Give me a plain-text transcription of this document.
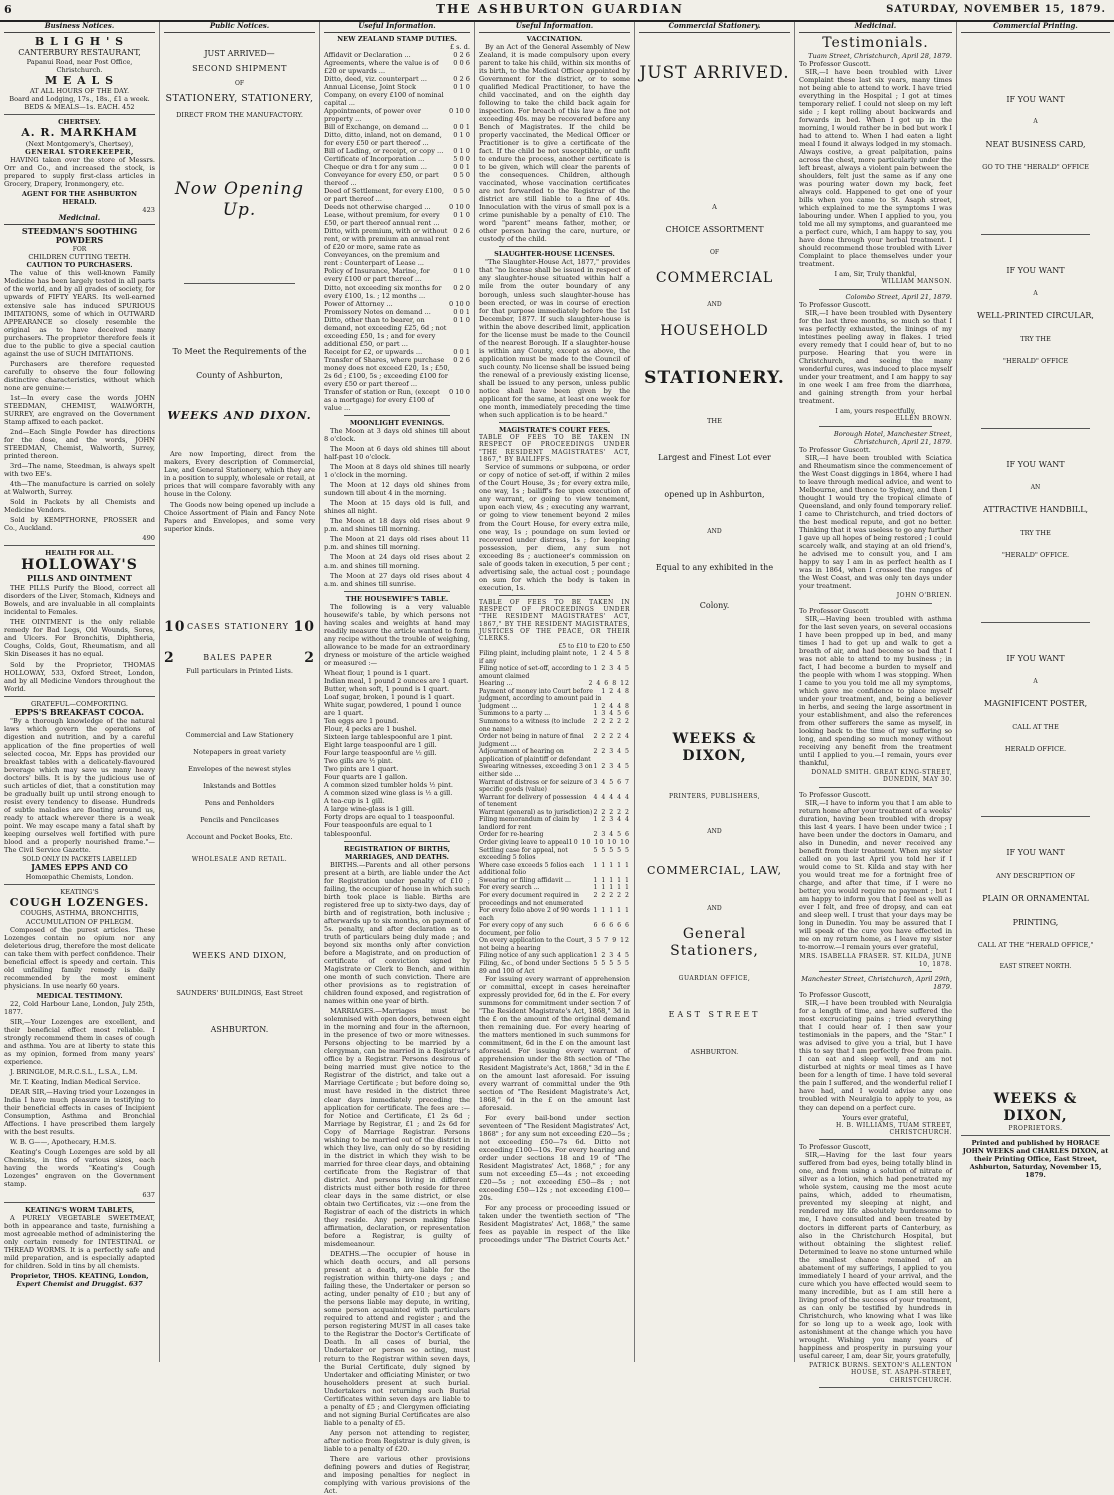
6	THE ASHBURTON GUARDIAN	SATURDAY, NOVEMBER 15, 1879.
Business Notices.
B L I G H ' S
CANTERBURY RESTAURANT,
Papanui Road, near Post Office,
Christchurch.
M E A L S
AT ALL HOURS OF THE DAY.
Board and Lodging, 17s., 18s., £1 a week.
BEDS & MEALS—1s. EACH. 452
CHERTSEY.
A. R. MARKHAM
(Next Montgomery's, Chertsey),
GENERAL STOREKEEPER,

HAVING taken over the store of Messrs. Orr and Co., and increased the stock, is prepared to supply first-class articles in Grocery, Drapery, Ironmongery, etc.

AGENT FOR THE ASHBURTON HERALD.
423
Medicinal.
STEEDMAN'S SOOTHING POWDERS
FOR
CHILDREN CUTTING TEETH.
CAUTION TO PURCHASERS.

The value of this well-known Family Medicine has been largely tested in all parts of the world, and by all grades of society, for upwards of FIFTY YEARS. Its well-earned extensive sale has induced SPURIOUS IMITATIONS, some of which in OUTWARD APPEARANCE so closely resemble the original as to have deceived many purchasers. The proprietor therefore feels it due to the public to give a special caution against the use of SUCH IMITATIONS.

Purchasers are therefore requested carefully to observe the four following distinctive characteristics, without which none are genuine:—

1st—In every case the words JOHN STEEDMAN, CHEMIST, WALWORTH, SURREY, are engraved on the Government Stamp affixed to each packet.

2nd—Each Single Powder has directions for the dose, and the words, JOHN STEEDMAN, Chemist, Walworth, Surrey, printed thereon.

3rd—The name, Steedman, is always spelt with two EE's.

4th—The manufacture is carried on solely at Walworth, Surrey.

Sold in Packets by all Chemists and Medicine Vendors.

Sold by KEMPTHORNE, PROSSER and Co., Auckland.

490
HEALTH FOR ALL.
HOLLOWAY'S
PILLS AND OINTMENT

THE PILLS Purify the Blood, correct all disorders of the Liver, Stomach, Kidneys and Bowels, and are invaluable in all complaints incidental to Females.

THE OINTMENT is the only reliable remedy for Bad Legs, Old Wounds, Sores, and Ulcers. For Bronchitis, Diphtheria, Coughs, Colds, Gout, Rheumatism, and all Skin Diseases it has no equal.

Sold by the Proprietor, THOMAS HOLLOWAY, 533, Oxford Street, London, and by all Medicine Vendors throughout the World.

GRATEFUL—COMFORTING.
EPPS'S BREAKFAST COCOA.

"By a thorough knowledge of the natural laws which govern the operations of digestion and nutrition, and by a careful application of the fine properties of well selected cocoa, Mr. Epps has provided our breakfast tables with a delicately-flavoured beverage which may save us many heavy doctors' bills. It is by the judicious use of such articles of diet, that a constitution may be gradually built up until strong enough to resist every tendency to disease. Hundreds of subtle maladies are floating around us, ready to attack wherever there is a weak point. We may escape many a fatal shaft by keeping ourselves well fortified with pure blood and a properly nourished frame."—The Civil Service Gazette.

SOLD ONLY IN PACKETS LABELLED
JAMES EPPS AND CO
Homœpathic Chemists, London.
KEATING'S
COUGH LOZENGES.
COUGHS, ASTHMA, BRONCHITIS, ACCUMULATION OF PHLEGM.

Composed of the purest articles. These Lozenges contain no opium nor any deleterious drug, therefore the most delicate can take them with perfect confidence. Their beneficial effect is speedy and certain. This old unfailing family remedy is daily recommended by the most eminent physicians. In use nearly 60 years.

MEDICAL TESTIMONY.

22, Cold Harbour Lane, London, July 25th, 1877.

SIR,—Your Lozenges are excellent, and their beneficial effect most reliable. I strongly recommend them in cases of cough and asthma. You are at liberty to state this as my opinion, formed from many years' experience.

J. BRINGLOE, M.R.C.S.L., L.S.A., L.M.

Mr. T. Keating, Indian Medical Service.

DEAR SIR,—Having tried your Lozenges in India I have much pleasure in testifying to their beneficial effects in cases of Incipient Consumption, Asthma and Bronchial Affections. I have prescribed them largely with the best results.

W. B. G——, Apothecary, H.M.S.

Keating's Cough Lozenges are sold by all Chemists, in tins of various sizes, each having the words "Keating's Cough Lozenges" engraven on the Government stamp.

637
KEATING'S WORM TABLETS,

A PURELY VEGETABLE SWEETMEAT, both in appearance and taste, furnishing a most agreeable method of administering the only certain remedy for INTESTINAL or THREAD WORMS. It is a perfectly safe and mild preparation, and is especially adapted for children. Sold in tins by all chemists.

Proprietor, THOS. KEATING, London,
Expert Chemist and Druggist. 637
Public Notices.
JUST ARRIVED—
SECOND SHIPMENT
OF
STATIONERY, STATIONERY,
DIRECT FROM THE MANUFACTORY.
Now Opening Up.
To Meet the Requirements of the
County of Ashburton,
WEEKS AND DIXON.

Are now Importing, direct from the makers, Every description of Commercial, Law, and General Stationery, which they are in a position to supply, wholesale or retail, at prices that will compare favorably with any house in the Colony.

The Goods now being opened up include a Choice Assortment of Plain and Fancy Note Papers and Envelopes, and some very superior kinds.

10 CASES STATIONERY 10
2	BALES PAPER 2
Full particulars in Printed Lists.
Commercial and Law Stationery
Notepapers in great variety
Envelopes of the newest styles
Inkstands and Bottles
Pens and Penholders
Pencils and Pencilcases
Account and Pocket Books, Etc.
WHOLESALE AND RETAIL.
WEEKS AND DIXON,
SAUNDERS' BUILDINGS, East Street
ASHBURTON.
Useful Information.
NEW ZEALAND STAMP DUTIES.
£ s. d.
Affidavit or Declaration ...	0 2 6
Agreements, where the value is of £20 or upwards ...
0 0 6
Ditto, deed, viz. counterpart ...	0 2 6
Annual License, Joint Stock Company, on every £100 of nominal capital ...
0 1 0
Appointments, of power over property ...
0 10 0
Bill of Exchange, on demand ...	0 0 1
Ditto, ditto, inland, not on demand, for every £50 or part thereof ...
0 1 0
Bill of Lading, or receipt, or copy ...	0 1 0
Certificate of Incorporation ...	5 0 0
Cheque or dra t for any sum ...	0 0 1
Conveyance for every £50, or part thereof ...
0 5 0
Deed of Settlement, for every £100, or part thereof ...
0 5 0
Deeds not otherwise charged ...	0 10 0
Lease, without premium, for every £50, or part thereof annual rent ...
0 1 0
Ditto, with premium, with or without rent, or with premium an annual rent of £20 or more, same rate as Conveyances, on the premium and rent : Counterpart of Lease ...
0 2 6
Policy of Insurance, Marine, for every £100 or part thereof ...
0 1 0
Ditto, not exceeding six months for every £100, 1s. ; 12 months ...
0 2 0
Power of Attorney ...	0 10 0
Promissory Notes on demand ...	0 0 1
Ditto, other than to bearer, on demand, not exceeding £25, 6d ; not exceeding £50, 1s ; and for every additional £50, or part ...
0 1 0
Receipt for £2, or upwards ...	0 0 1
Transfer of Shares, where purchase money does not exceed £20, 1s ; £50, 2s 6d ; £100, 5s ; exceeding £100 for every £50 or part thereof ...
0 2 6
Transfer of station or Run, (except as a mortgage) for every £100 of value ...
0 10 0
MOONLIGHT EVENINGS.

The Moon at 3 days old shines till about 8 o'clock.

The Moon at 6 days old shines till about half-past 10 o'clock.

The Moon at 8 days old shines till nearly 1 o'clock in the morning.

The Moon at 12 days old shines from sundown till about 4 in the morning.

The Moon at 15 days old is full, and shines all night.

The Moon at 18 days old rises about 9 p.m. and shines till morning.

The Moon at 21 days old rises about 11 p.m. and shines till morning.

The Moon at 24 days old rises about 2 a.m. and shines till morning.

The Moon at 27 days old rises about 4 a.m. and shines till sunrise.

THE HOUSEWIFE'S TABLE.

The following is a very valuable housewife's table, by which persons not having scales and weights at hand may readily measure the article wanted to form any recipe without the trouble of weighing, allowance to be made for an extraordinary dryness or moisture of the article weighed or measured :—

Wheat flour, 1 pound is 1 quart.
Indian meal, 1 pound 2 ounces are 1 quart.
Butter, when soft, 1 pound is 1 quart.
Loaf sugar, broken, 1 pound is 1 quart.
White sugar, powdered, 1 pound 1 ounce are 1 quart.
Ten eggs are 1 pound.
Flour, 4 pecks are 1 bushel.
Sixteen large tablespoonful are 1 pint.
Eight large teaspoonful are 1 gill.
Four large teaspoonful are ½ gill.
Two gills are ½ pint.
Two pints are 1 quart.
Four quarts are 1 gallon.
A common sized tumbler holds ½ pint.
A common sized wine glass is ½ a gill.
A tea-cup is 1 gill.
A large wine-glass is 1 gill.
Forty drops are equal to 1 teaspoonful.
Four teaspoonfuls are equal to 1 tablespoonful.
REGISTRATION OF BIRTHS, MARRIAGES, AND DEATHS.

BIRTHS.—Parents and all other persons present at a birth, are liable under the Act for Registration under penalty of £10 ; failing, the occupier of house in which such birth took place is liable. Births are registered free up to sixty-two days, day of birth and of registration, both inclusive ; afterwards up to six months, on payment of 5s. penalty, and after declaration as to truth of particulars being duly made ; and beyond six months only after conviction before a Magistrate, and on production of certificate of conviction signed by Magistrate or Clerk to Bench, and within one month of such conviction. There are other provisions as to registration of children found exposed, and registration of names within one year of birth.

MARRIAGES.—Marriages must be solemnised with open doors, between eight in the morning and four in the afternoon, in the presence of two or more witnesses. Persons objecting to be married by a clergyman, can be married in a Registrar's office by a Registrar. Persons desirous of being married must give notice to the Registrar of the district, and take out a Marriage Certificate ; but before doing so, must have resided in the district three clear days immediately preceding the application for certificate. The fees are :—for Notice and Certificate, £1 2s 6d ; Marriage by Registrar, £1 ; and 2s 6d for Copy of Marriage Registrar. Persons wishing to be married out of the district in which they live, can only do so by residing in the district in which they wish to be married for three clear days, and obtaining certificate from the Registrar of that district. And persons living in different districts must either both reside for three clear days in the same district, or else obtain two Certificates, viz :—one from the Registrar of each of the districts in which they reside. Any person making false affirmation, declaration, or representation before a Registrar, is guilty of misdemeanour.

DEATHS.—The occupier of house in which death occurs, and all persons present at a death, are liable for the registration within thirty-one days ; and failing these, the Undertaker or person so acting, under penalty of £10 ; but any of the persons liable may depute, in writing, some person acquainted with particulars required to attend and register ; and the person registering MUST in all cases take to the Registrar the Doctor's Certificate of Death. In all cases of burial, the Undertaker or person so acting, must return to the Registrar within seven days, the Burial Certificate, duly signed by Undertaker and officiating Minister, or two householders present at such burial. Undertakers not returning such Burial Certificates within seven days are liable to a penalty of £5 ; and Clergymen officiating and not signing Burial Certificates are also liable to a penalty of £5.

Any person not attending to register, after notice from Registrar is duly given, is liable to a penalty of £20.

There are various other provisions defining powers and duties of Registrar, and imposing penalties for neglect in complying with various provisions of the Act.

Useful Information.
VACCINATION.

By an Act of the General Assembly of New Zealand, it is made compulsory upon every parent to take his child, within six months of its birth, to the Medical Officer appointed by Government for the district, or to some qualified Medical Practitioner, to have the child vaccinated, and on the eighth day following to take the child back again for inspection. For breach of this law a fine not exceeding 40s. may be recovered before any Bench of Magistrates. If the child be properly vaccinated, the Medical Officer or Practitioner is to give a certificate of the fact. If the child be not susceptible, or unfit to endure the process, another certificate is to be given, which will clear the parents of the consequences. Children, although vaccinated, whose vaccination certificates are not forwarded to the Registrar of the district are still liable to a fine of 40s. Innoculation with the virus of small pox is a crime punishable by a penalty of £10. The word "parent" means father, mother, or other person having the care, nurture, or custody of the child.

SLAUGHTER-HOUSE LICENSES.

"The Slaughter-House Act, 1877," provides that "no license shall be issued in respect of any slaughter-house situated within half a mile from the outer boundary of any borough, unless such slaughter-house has been erected, or was in course of erection for that purpose immediately before the 1st December, 1877. If such slaughter-house is within the above described limit, application for the license must be made to the Council of the nearest Borough. If a slaughter-house is within any County, except as above, the application must be made to the Council of such county. No license shall be issued being the renewal of a previously existing license, shall be issued to any person, unless public notice shall have been given by the applicant for the same, at least one week for one month, immediately preceding the time when such application is to be heard."

MAGISTRATE'S COURT FEES.
TABLE OF FEES TO BE TAKEN IN RESPECT OF PROCEEDINGS UNDER "THE RESIDENT MAGISTRATES' ACT, 1867," BY BAILIFFS.

Service of summons or subpœna, or order or copy of notice of set-off, if within 2 miles of the Court House, 3s ; for every extra mile, one way, 1s ; bailiff's fee upon execution of any warrant, or going to view tenement, upon each view, 4s ; executing any warrant, or going to view tenement beyond 2 miles from the Court House, for every extra mile, one way, 1s ; poundage on sum levied or recovered under distress, 1s ; for keeping possession, per diem, any sum not exceeding 8s ; auctioneer's commission on sale of goods taken in execution, 5 per cent ; advertising sale, the actual cost ; poundage on sum for which the body is taken in execution, 1s.

TABLE OF FEES TO BE TAKEN IN RESPECT OF PROCEEDINGS UNDER "THE RESIDENT MAGISTRATES' ACT, 1867," BY THE RESIDENT MAGISTRATES, JUSTICES OF THE PEACE, OR THEIR CLERKS.
£5 to £10 to £20 to £50
Filing plaint, including plaint note, if any
1 2 4 5 8
Filing notice of set-off, according to amount claimed
1 2 3 4 5
Hearing ...	2 4 6 8 12
Payment of money into Court before judgment, according to amount paid in
1 2 4 8
Judgment ...	1 2 4 4 8
Summons to a party ...	1 3 4 5 6
Summons to a witness (to include one name)
2 2 2 2 2
Order not being in nature of final judgment ...
2 2 2 2 4
Adjournment of hearing on application of plaintiff or defendant
2 2 3 4 5
Swearing witnesses, exceeding 3 on either side ...
1 2 3 4 5
Warrant of distress or for seizure of specific goods (value)
3 4 5 6 7
Warrant for delivery of possession of tenement
4 4 4 4 4
Warrant (general) as to jurisdiction) 2 2 2 2 2
Filing memorandum of claim by landlord for rent
1 2 3 4 4
Order for re-hearing	2 3 4 5 6
Order giving leave to appeal 10 10 10 10 10
Settling case for appeal, not exceeding 5 folios
5 5 5 5 5
Where case exceeds 5 folios each additional folio
1 1 1 1 1
Swearing or filing affidavit ...	1 1 1 1 1
For every search ...	1 1 1 1 1
For every document required in proceedings and not enumerated
2 2 2 2 2
For every folio above 2 of 90 words each
1 1 1 1 1
For every copy of any such document, per folio
6 6 6 6 6
On every application to the Court, not being a hearing
3 5 7 9 12
Filing notice of any such application 1 2 3 4 5
Filing, &c., of bond under Sections 89 and 100 of Act
5 5 5 5 5

For issuing every warrant of apprehension or committal, except in cases hereinafter expressly provided for, 6d in the £. For every summons for commitment under section 7 of "The Resident Magistrate's Act, 1868," 3d in the £ on the amount of the original demand then remaining due. For every hearing of the matters mentioned in such summons for commitment, 6d in the £ on the amount last aforesaid. For issuing every warrant of apprehension under the 8th section of "The Resident Magistrate's Act, 1868," 3d in the £ on the amount last aforesaid. For issuing every warrant of committal under the 9th section of "The Resident Magistrate's Act, 1868," 6d in the £ on the amount last aforesaid.

For every bail-bond under section seventeen of "The Resident Magistrates' Act, 1868" ; for any sum not exceeding £20—5s ; not exceeding £50—7s 6d. Ditto not exceeding £100—10s. For every hearing and order under sections 18 and 19 of "The Resident Magistrates' Act, 1868," ; for any sum not exceeding £5—4s ; not exceeding £20—5s ; not exceeding £50—8s ; not exceeding £50—12s ; not exceeding £100—20s.

For any process or proceeding issued or taken under the twentieth section of "The Resident Magistrates' Act, 1868," the same fees as payable in respect of the like proceedings under "The District Courts Act."

Commercial Stationery.
JUST ARRIVED.
A
CHOICE ASSORTMENT
OF
COMMERCIAL
AND
HOUSEHOLD
STATIONERY.
THE
Largest and Finest Lot ever
opened up in Ashburton,
AND
Equal to any exhibited in the
Colony.
WEEKS & DIXON,
PRINTERS, PUBLISHERS,
AND
COMMERCIAL, LAW,
AND
General Stationers,
GUARDIAN OFFICE,
EAST STREET
ASHBURTON.
Medicinal.
Testimonials.
Tuam Street, Christchurch, April 28, 1879.
To Professor Guscott.

SIR,—I have been troubled with Liver Complaint these last six years, many times not being able to attend to work. I have tried everything in the Hospital ; I got at times temporary relief. I could not sleep on my left side ; I kept rolling about backwards and forwards in bed. When I got up in the morning, I would rather be in bed but work I had to attend to. When I had eaten a light meal I found it always lodged in my stomach. Always costive, a great palpitation, pains across the chest, more particularly under the left breast, always a violent pain between the shoulders, felt just the same as if any one was pouring water down my back, feet always cold. Happened to get one of your bills when you came to St. Asaph street, which explained to me the symptoms I was labouring under. When I applied to you, you told me all my symptoms, and guaranteed me a perfect cure, which, I am happy to say, you have done through your herbal treatment. I should recommend those troubled with Liver Complaint to place themselves under your treatment.

I am, Sir, Truly thankful,
WILLIAM MANSON.
Colombo Street, April 21, 1879.
To Professor Guscott.

SIR,—I have been troubled with Dysentery for the last three months, so much so that I was perfectly exhausted, the linings of my intestines peeling away in flakes. I tried every remedy that I could hear of, but to no purpose. Hearing that you were in Christchurch, and seeing the many wonderful cures, was induced to place myself under your treatment, and I am happy to say in one week I am free from the diarrhœa, and gaining strength from your herbal treatment.

I am, yours respectfully,
ELLEN BROWN.
Borough Hotel, Manchester Street, Christchurch, April 21, 1879.
To Professor Guscott.

SIR,—I have been troubled with Sciatica and Rheumatism since the commencement of the West Coast diggings in 1864, where I had to leave through medical advice, and went to Melbourne, and thence to Sydney, and then I thought I would try the tropical climate of Queensland, and only found temporary relief. I came to Christchurch, and tried doctors of the best medical repute, and got no better. Thinking that it was useless to go any further I gave up all hopes of being restored ; I could scarcely walk, and staying at an old friend's, he advised me to consult you, and I am happy to say I am in as perfect health as I was in 1864, when I crossed the ranges of the West Coast, and was only ten days under your treatment.

JOHN O'BRIEN.
To Professor Guscott

SIR,—Having been troubled with asthma for the last seven years, on several occasions I have been propped up in bed, and many times I had to get up and walk to get a breath of air, and had become so bad that I was not able to attend to my business ; in fact, I had become a burden to myself and the people with whom I was stopping. When I came to you you told me all my symptoms, which gave me confidence to place myself under your treatment, and, being a believer in herbs, and seeing the large assortment in your establishment, and also the references from other sufferers the same as myself, in looking back to the time of my suffering so long, and spending so much money without receiving any benefit from the treatment until I applied to you.—I remain, yours ever thankful,

DONALD SMITH. GREAT KING-STREET, DUNEDIN, MAY 30.
To Professor Guscott.

SIR,—I have to inform you that I am able to return home after your treatment of a weeks' duration, having been troubled with dropsy this last 4 years. I have been under twice ; I have been under the doctors in Oamaru, and also in Dunedin, and never received any benefit from their treatment. When my sister called on you last April you told her if I would come to St. Kilda and stay with her you would treat me for a fortnight free of charge, and after that time, if I were no better, you would require no payment ; but I am happy to inform you that I feel as well as ever I felt, and free of dropsy, and can eat and sleep well. I trust that your days may be long in Dunedin. You may be assured that I will speak of the cure you have effected in me on my return home, as I leave my sister to-morrow.—I remain yours ever grateful,

MRS. ISABELLA FRASER. ST. KILDA, JUNE 10, 1878.
Manchester Street, Christchurch, April 29th, 1879.
To Professor Guscott,

SIR,—I have been troubled with Neuralgia for a length of time, and have suffered the most excruciating pains ; tried everything that I could hear of. I then saw your testimonials in the papers, and the "Star." I was advised to give you a trial, but I have this to say that I am perfectly free from pain. I can eat and sleep well, and am not disturbed at nights or meal times as I have been for a length of time. I have told several the pain I suffered, and the wonderful relief I have had, and I would advise any one troubled with Neuralgia to apply to you, as they can depend on a perfect cure.

Yours ever grateful,
H. B. WILLIAMS, TUAM STREET, CHRISTCHURCH.
To Professor Guscott,

SIR,—Having for the last four years suffered from bad eyes, being totally blind in one, and from using a solution of nitrate of silver as a lotion, which had penetrated my whole system, causing me the most acute pains, which, added to rheumatism, prevented my sleeping at night, and rendered my life absolutely burdensome to me, I have consulted and been treated by doctors in different parts of Canterbury, as also in the Christchurch Hospital, but without obtaining the slightest relief. Determined to leave no stone unturned while the smallest chance remained of an abatement of my sufferings, I applied to you immediately I heard of your arrival, and the cure which you have effected would seem to many incredible, but as I am still here a living proof of the success of your treatment, as can only be testified by hundreds in Christchurch, who knowing what I was like for so long up to a week ago, look with astonishment at the change which you have wrought. Wishing you many years of happiness and prosperity in pursuing your useful career, I am, dear Sir, yours gratefully,

PATRICK BURNS. SEXTON'S ALLENTON HOUSE, ST. ASAPH-STREET, CHRISTCHURCH.
Commercial Printing.
IF YOU WANT
A
NEAT BUSINESS CARD,
GO TO THE "HERALD" OFFICE
IF YOU WANT
A
WELL-PRINTED CIRCULAR,
TRY THE
"HERALD" OFFICE
IF YOU WANT
AN
ATTRACTIVE HANDBILL,
TRY THE
"HERALD" OFFICE.
IF YOU WANT
A
MAGNIFICENT POSTER,
CALL AT THE
HERALD OFFICE.
IF YOU WANT
ANY DESCRIPTION OF
PLAIN OR ORNAMENTAL
PRINTING,
CALL AT THE "HERALD OFFICE,"
EAST STREET NORTH.
WEEKS & DIXON,
PROPRIETORS.
Printed and published by HORACE JOHN WEEKS and CHARLES DIXON, at their Printing Office, East Street, Ashburton, Saturday, November 15, 1879.
